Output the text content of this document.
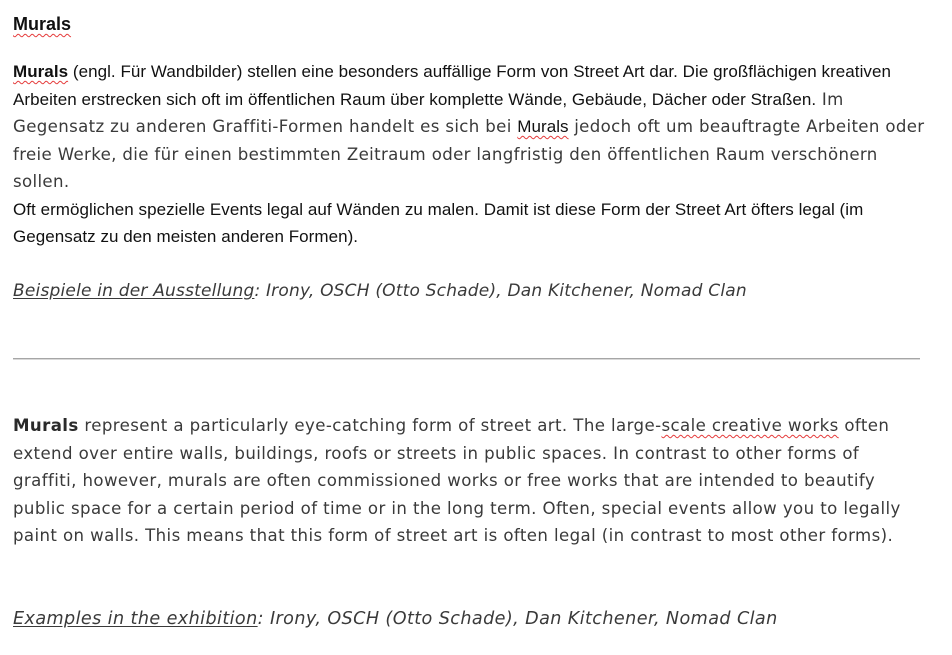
Murals
Murals (engl. Für Wandbilder) stellen eine besonders auffällige Form von Street Art dar. Die großflächigen kreativen Arbeiten erstrecken sich oft im öffentlichen Raum über komplette Wände, Gebäude, Dächer oder Straßen. Im Gegensatz zu anderen Graffiti-Formen handelt es sich bei Murals jedoch oft um beauftragte Arbeiten oder freie Werke, die für einen bestimmten Zeitraum oder langfristig den öffentlichen Raum verschönern sollen.
Oft ermöglichen spezielle Events legal auf Wänden zu malen. Damit ist diese Form der Street Art öfters legal (im Gegensatz zu den meisten anderen Formen).
Beispiele in der Ausstellung: Irony, OSCH (Otto Schade), Dan Kitchener, Nomad Clan
Murals represent a particularly eye-catching form of street art. The large-scale creative works often extend over entire walls, buildings, roofs or streets in public spaces. In contrast to other forms of graffiti, however, murals are often commissioned works or free works that are intended to beautify public space for a certain period of time or in the long term. Often, special events allow you to legally paint on walls. This means that this form of street art is often legal (in contrast to most other forms).
Examples in the exhibition: Irony, OSCH (Otto Schade), Dan Kitchener, Nomad Clan
